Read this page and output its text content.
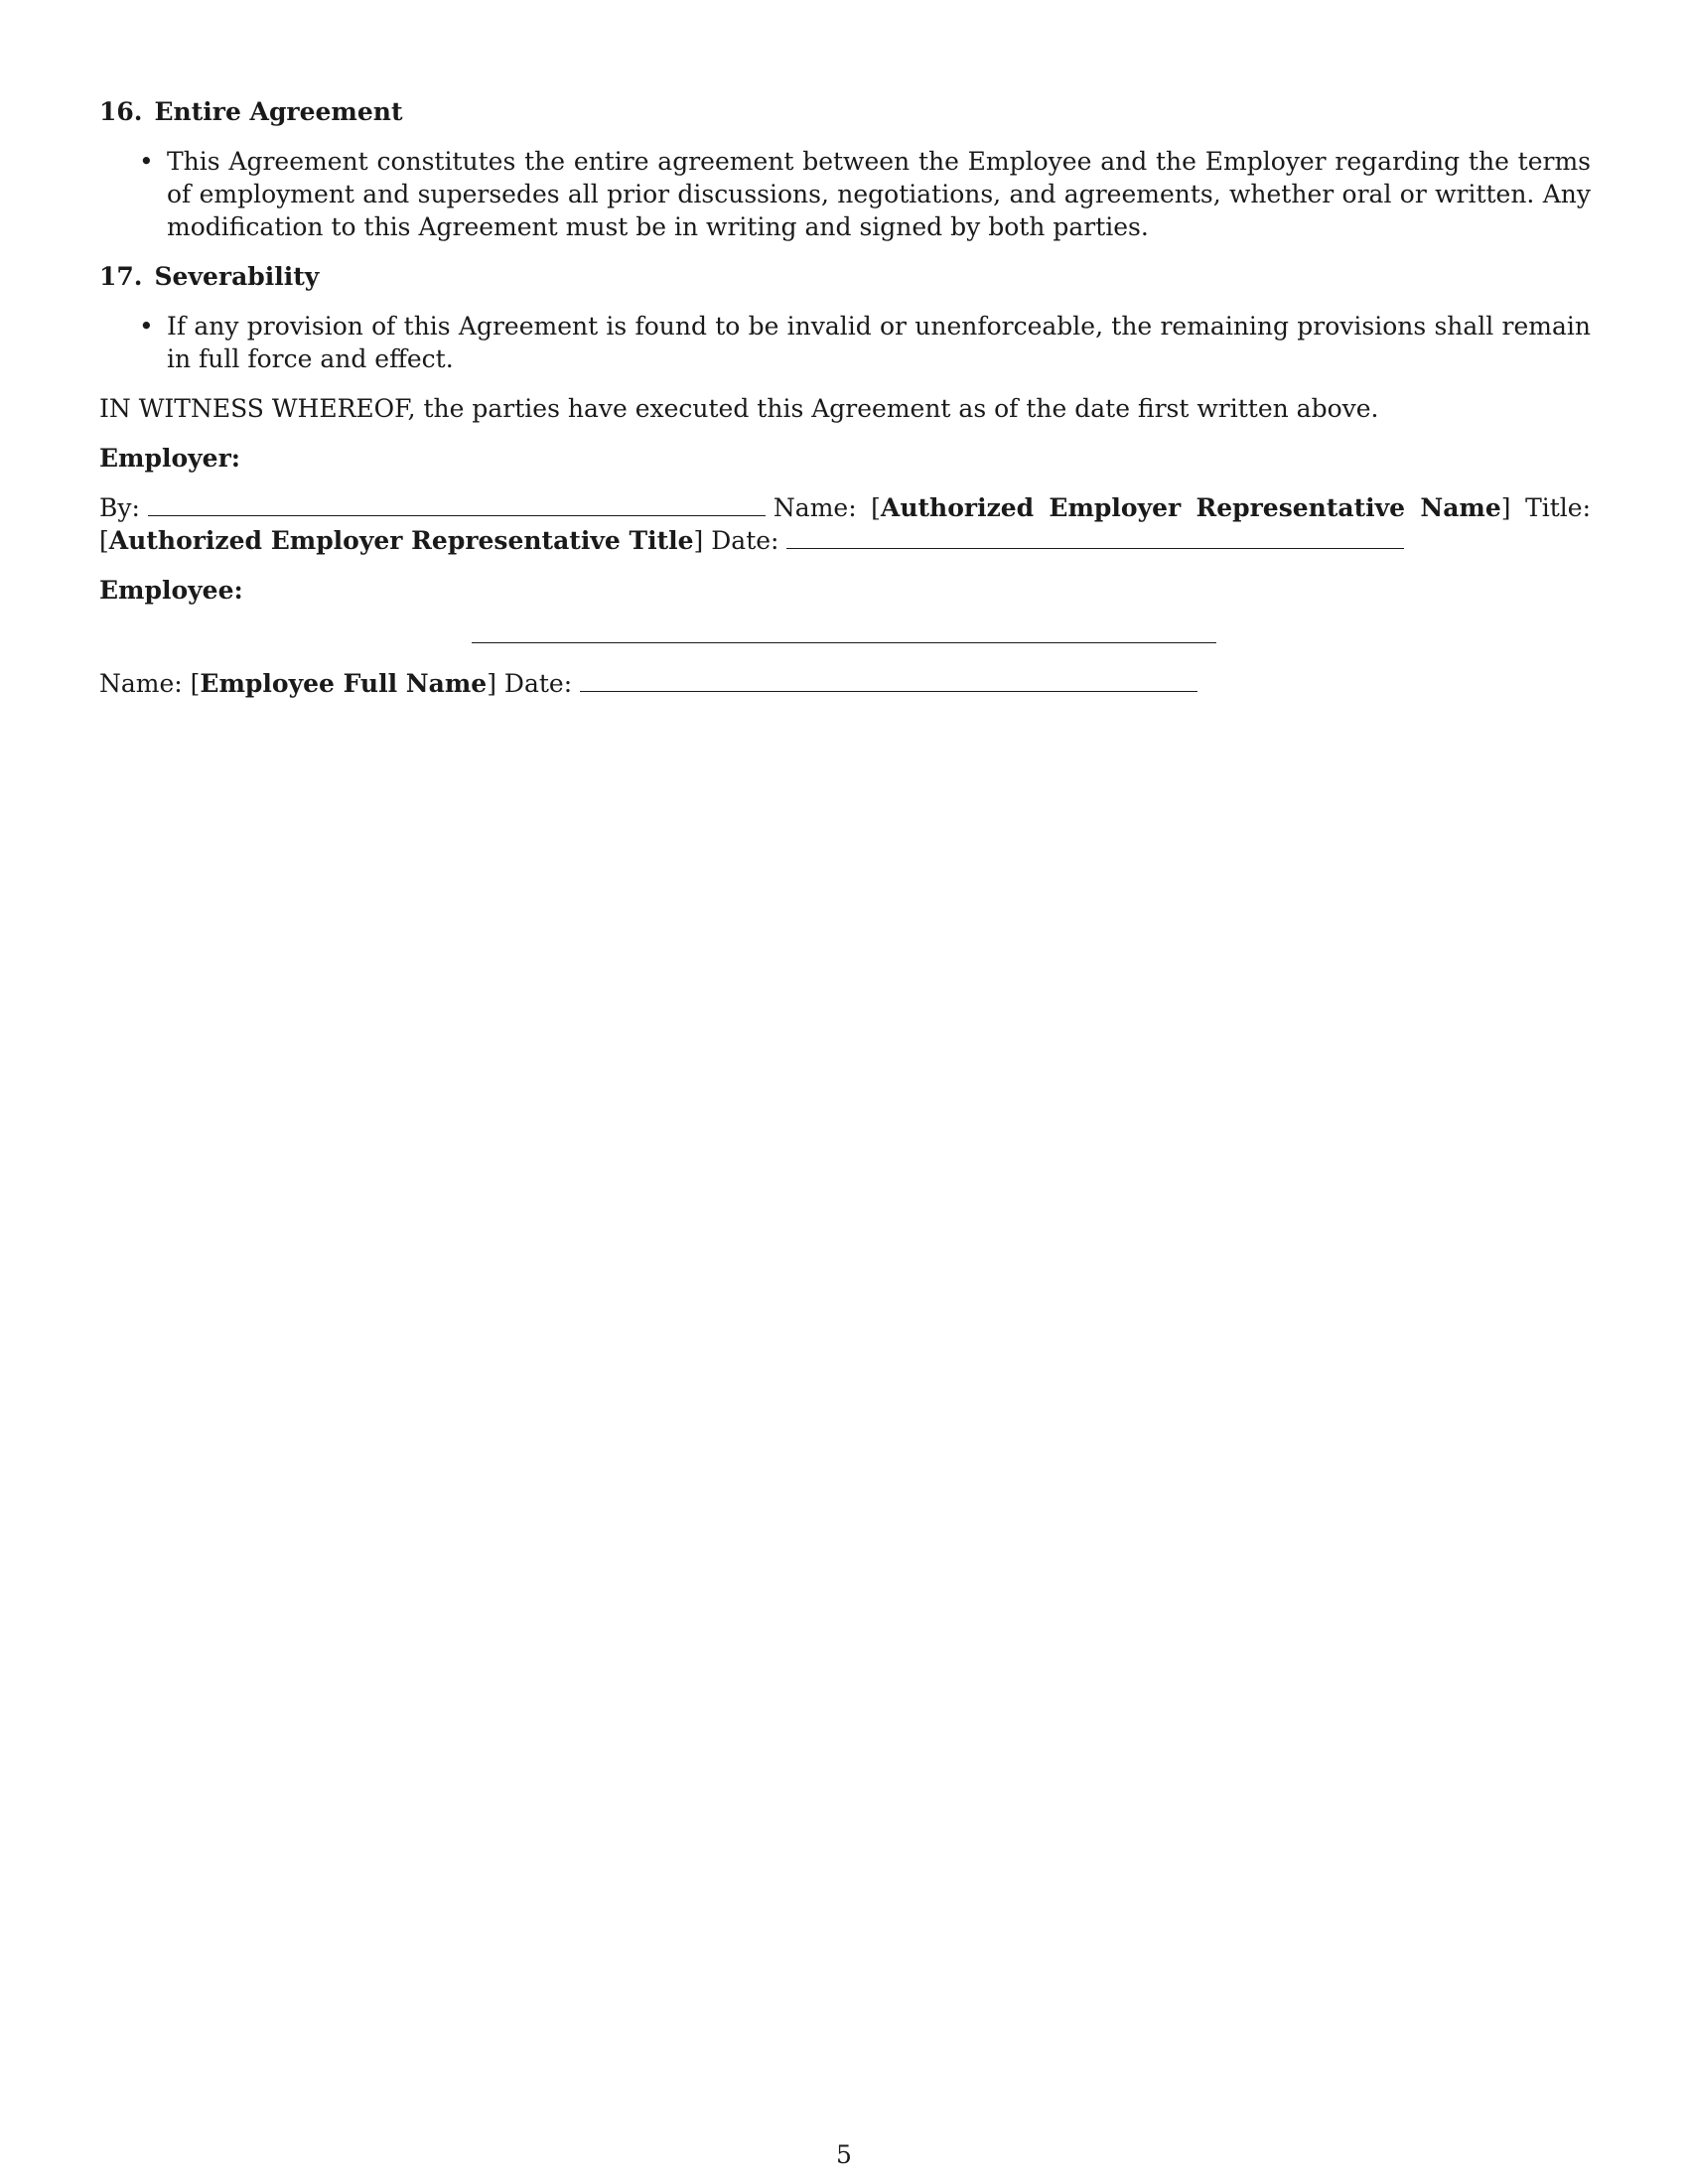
16. Entire Agreement
• This Agreement constitutes the entire agreement between the Employee and the Employer regarding the terms of employment and supersedes all prior discussions, negotiations, and agreements, whether oral or written. Any modification to this Agreement must be in writing and signed by both parties.
17. Severability
• If any provision of this Agreement is found to be invalid or unenforceable, the remaining provisions shall remain in full force and effect.

IN WITNESS WHEREOF, the parties have executed this Agreement as of the date first written above.

Employer:
By:	Name: [Authorized Employer Representative Name] Title: [Authorized Employer Representative Title] Date:
Employee:
Name: [Employee Full Name] Date:
5
